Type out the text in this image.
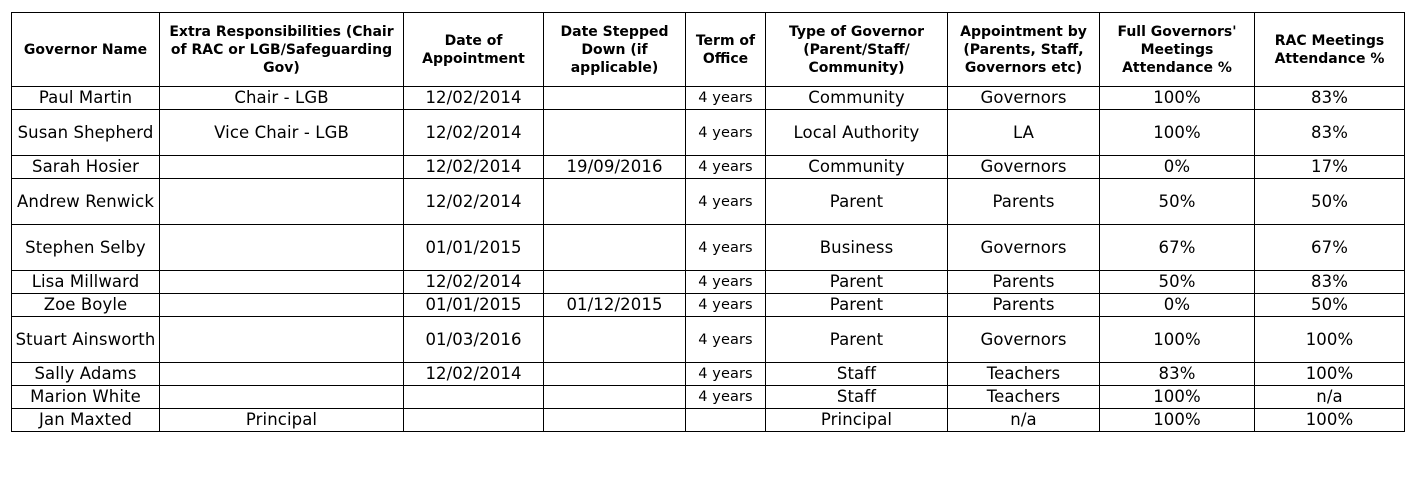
Governor Name	Extra Responsibilities (Chair of RAC or LGB/Safeguarding Gov)	Date of Appointment	Date Stepped Down (if applicable)	Term of Office	Type of Governor (Parent/Staff/ Community)	Appointment by (Parents, Staff, Governors etc)	Full Governors' Meetings Attendance %	RAC Meetings Attendance %
Paul Martin	Chair - LGB	12/02/2014		4 years	Community	Governors	100%	83%
Susan Shepherd	Vice Chair - LGB	12/02/2014		4 years	Local Authority	LA	100%	83%
Sarah Hosier		12/02/2014	19/09/2016	4 years	Community	Governors	0%	17%
Andrew Renwick		12/02/2014		4 years	Parent	Parents	50%	50%
Stephen Selby		01/01/2015		4 years	Business	Governors	67%	67%
Lisa Millward		12/02/2014		4 years	Parent	Parents	50%	83%
Zoe Boyle		01/01/2015	01/12/2015	4 years	Parent	Parents	0%	50%
Stuart Ainsworth		01/03/2016		4 years	Parent	Governors	100%	100%
Sally Adams		12/02/2014		4 years	Staff	Teachers	83%	100%
Marion White				4 years	Staff	Teachers	100%	n/a
Jan Maxted	Principal				Principal	n/a	100%	100%
